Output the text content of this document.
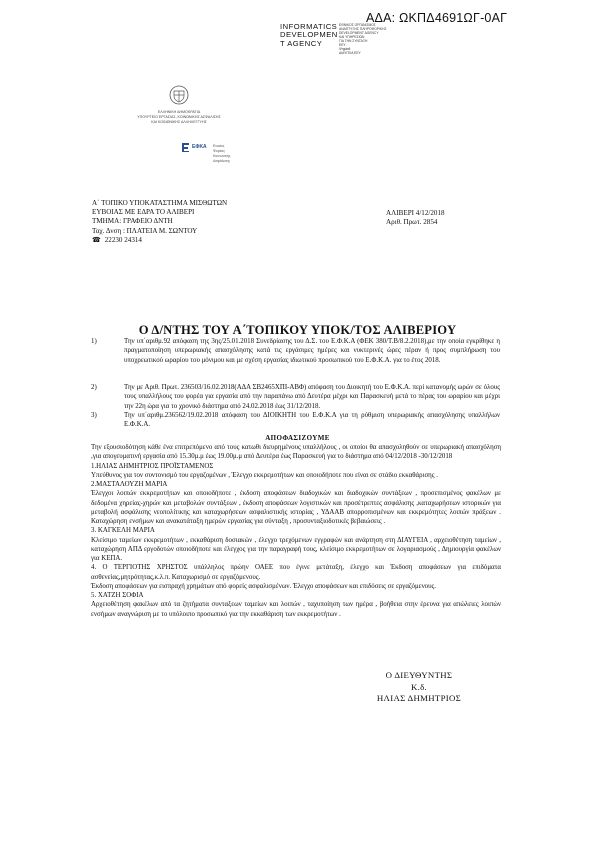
ΑΔΑ: ΩΚΠΔ4691ΩΓ-0ΑΓ
INFORMATICS
DEVELOPMEN
T AGENCY
ΕΘΝΙΚΟΣ ΟΡΓΑΝΙΣΜΟΣ
ΑΝΑΠΤΥΞΗΣ ΠΛΗΡΟΦΟΡΙΚΗΣ
DEVELOPMENT AGENCY
ΚΑΙ ΥΠΗΡΕΣΙΩΝ
ΓΙΑ ΤΗΝ ΣΥΝΤΑΞΗ
ΕΕΥ
Ψηφίσθ
ΔΙΑΥΓΕΙΑ ΕΕΥ
ΕΛΛΗΝΙΚΗ ΔΗΜΟΚΡΑΤΙΑ
ΥΠΟΥΡΓΕΙΟ ΕΡΓΑΣΙΑΣ, ΚΟΙΝΩΝΙΚΗΣ ΑΣΦΑΛΙΣΗΣ
ΚΑΙ ΚΟΙΝΩΝΙΚΗΣ ΑΛΛΗΛΕΓΓΥΗΣ
ΕΦΚΑ Ενιαίος
Φορέας
Κοινωνικής
Ασφάλισης
Α΄ ΤΟΠΙΚΟ ΥΠΟΚΑΤΑΣΤΗΜΑ ΜΙΣΘΩΤΩΝ
ΕΥΒΟΙΑΣ ΜΕ ΕΔΡΑ ΤΟ ΑΛΙΒΕΡΙ
ΤΜΗΜΑ: ΓΡΑΦΕΙΟ ΔΝΤΗ
Ταχ. Δνση : ΠΛΑΤΕΙΑ Μ. ΣΩΝΤΟΥ
☎ 22230 24314
ΑΛΙΒΕΡΙ 4/12/2018
Αριθ. Πρωτ. 2854
Ο Δ/ΝΤΗΣ ΤΟΥ Α΄ΤΟΠΙΚΟΥ ΥΠΟΚ/ΤΟΣ ΑΛΙΒΕΡΙΟΥ
1)	Την υπ΄αριθμ.92 απόφαση της 3ης/25.01.2018 Συνεδρίασης του Δ.Σ. του Ε.Φ.Κ.Α (ΦΕΚ 380/Τ.Β/8.2.2018),με την οποία εγκρίθηκε η πραγματοποίηση υπερωριακής απασχόλησης κατά τις εργάσιμες ημέρες και νυκτερινές ώρες πέραν ή προς συμπλήρωση του υποχρεωτικού ωραρίου του μόνιμου και με σχέση εργασίας ιδιωτικού προσωπικού του Ε.Φ.Κ.Α. για το έτος 2018.
2)	Την με Αριθ. Πρωτ. 236503/16.02.2018(ΑΔΑ ΣΒ2465ΧΠΙ-ΑΒΦ) απόφαση του Διοικητή του Ε.Φ.Κ.Α. περί κατανομής ωρών σε όλους τους υπαλλήλους του φορέα για εργασία από την παραπάνω από Δευτέρα μέχρι και Παρασκευή μετά το πέρας του ωραρίου και μέχρι την 22η ώρα για το χρονικό διάστημα από 24.02.2018 έως 31/12/2018.
3)	Την υπ΄αριθμ.236562/19.02.2018 απόφαση του ΔΙΟΙΚΗΤΗ του Ε.Φ.Κ.Α για τη ρύθμιση υπερωριακής απασχόλησης υπαλλήλων Ε.Φ.Κ.Α.
ΑΠΟΦΑΣΙΖΟΥΜΕ
Την εξουσιοδότηση κάθε ένα επιτρεπόμενο από τους κατωθι διευρημένους υπαλλήλους , οι οποίοι θα απασχοληθούν σε υπερωριακή απασχόληση ,για απογευματινή εργασία από 15.30μ.μ έως 19.00μ.μ από Δευτέρα έως Παρασκευή για το διάστημα από 04/12/2018 -30/12/2018
1.ΗΛΙΑΣ ΔΗΜΗΤΡΙΟΣ ΠΡΟΪΣΤΑΜΕΝΟΣ
Υπεύθυνος για τον συντονισμό του εργαζομένων , Έλεγχο εκκρεμοτήτων και οποιοδήποτε που είναι σε στάδιο εκκαθάρισης .
2.ΜΑΣΤΑΛΟΥΖΗ ΜΑΡΙΑ
Έλεγχοι λοιπών εκκρεμοτήτων και οποιοδήποτε , έκδοση αποφάσεων διαδοχικών και διαδοχικών συντάξεων , προσεπισμένος φακέλων με δεδομένα χηρείας-χηρών και μεταβολών συντάξεων , έκδοση αποφάσεων λογιστικών και προσέτρεπτες ασφάλισης ,καταχωρήσεων ιστορικών για μεταβολή ασφάλισης νεοπολίτικης και καταχωρήσεων ασφαλιστικής ιστορίας , ΥΔΑΑΒ απορροπισμένων και εκκρεμότητες λοιπών πράξεων . Καταχώρηση ενσήμων και ανακατάταξη ημερών εργασίας για σύνταξη , προσυνταξιοδοτικές βεβαιώσεις .
3. ΚΑΓΚΕΛΗ ΜΑΡΙΑ
Κλείσιμο ταμείων εκκρεμοτήτων , εκκαθάριση δοσιακών , έλεγχο τρεχόμενων εγγραφών και ανάρτηση στη ΔΙΑΥΓΕΙΑ , αρχειοθέτηση ταμείων , καταχώρηση ΑΠΔ εργοδοτών οποιοδήποτε και έλεγχος για την παραγραφή τους, κλείσιμο εκκρεμοτήτων σε λογαριασμούς , Δημιουργία φακέλων για ΚΕΠΑ.
4. Ο ΤΕΡΓΙΟΤΗΣ ΧΡΗΣΤΟΣ υπάλληλος πρώην ΟΑΕΕ που έγινε μετάταξη, έλεγχο και Έκδοση αποφάσεων για επιδόματα ασθενείας,μητρότητας,κ.λ.π. Καταχωρισμό σε εργαζόμενους.
Έκδοση αποφάσεων για εισπραχή χρημάτων από φορείς ασφαλισμένων. Έλεγχο αποφάσεων και επιδόσεις σε εργαζόμενους.
5. ΧΑΤΖΗ ΣΟΦΙΑ
Αρχειοθέτηση φακέλων από τα ζητήματα συνταξεων ταμείων και λοιπών , ταχυποίηση των ημέρα , βοήθεια στην έρευνα για απώλειες λοιπών ενσήμων αναγνώριση με το υπόλοιπο προσωπικό για την εκκαθάριση των εκκρεμοτήτων .
Ο ΔΙΕΥΘΥΝΤΗΣ
Κ.δ.
ΗΛΙΑΣ ΔΗΜΗΤΡΙΟΣ
